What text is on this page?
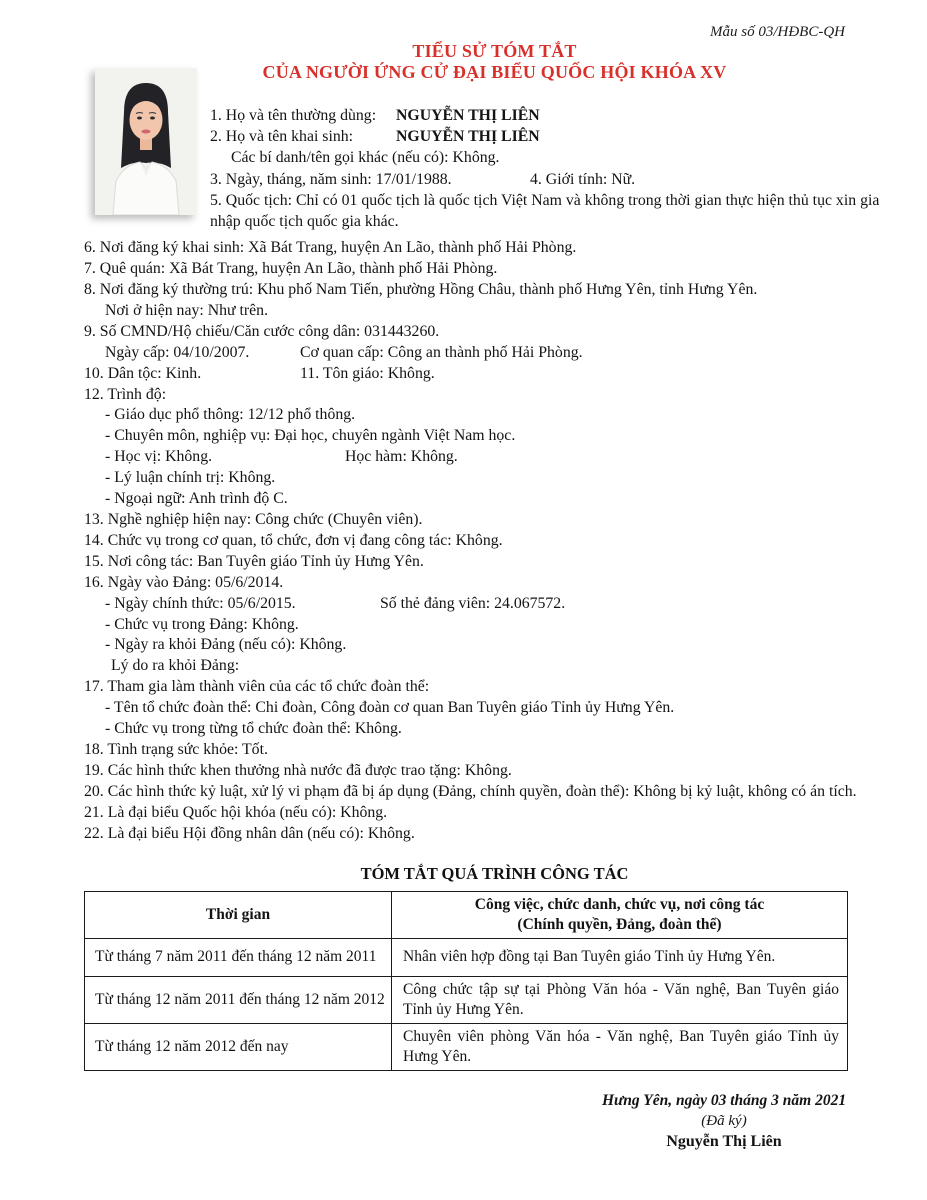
Mẫu số 03/HĐBC-QH
TIỂU SỬ TÓM TẮT
CỦA NGƯỜI ỨNG CỬ ĐẠI BIỂU QUỐC HỘI KHÓA XV
1. Họ và tên thường dùng: NGUYỄN THỊ LIÊN
2. Họ và tên khai sinh:	NGUYỄN THỊ LIÊN
Các bí danh/tên gọi khác (nếu có): Không.
3. Ngày, tháng, năm sinh: 17/01/1988.	4. Giới tính: Nữ.
5. Quốc tịch: Chỉ có 01 quốc tịch là quốc tịch Việt Nam và không trong thời gian thực hiện thủ tục xin gia nhập quốc tịch quốc gia khác.
6. Nơi đăng ký khai sinh: Xã Bát Trang, huyện An Lão, thành phố Hải Phòng.
7. Quê quán: Xã Bát Trang, huyện An Lão, thành phố Hải Phòng.
8. Nơi đăng ký thường trú: Khu phố Nam Tiến, phường Hồng Châu, thành phố Hưng Yên, tỉnh Hưng Yên.
Nơi ở hiện nay: Như trên.
9. Số CMND/Hộ chiếu/Căn cước công dân: 031443260.
Ngày cấp: 04/10/2007.	Cơ quan cấp: Công an thành phố Hải Phòng.
10. Dân tộc: Kinh.	11. Tôn giáo: Không.
12. Trình độ:
- Giáo dục phổ thông: 12/12 phổ thông.
- Chuyên môn, nghiệp vụ: Đại học, chuyên ngành Việt Nam học.
- Học vị: Không.	Học hàm: Không.
- Lý luận chính trị: Không.
- Ngoại ngữ: Anh trình độ C.
13. Nghề nghiệp hiện nay: Công chức (Chuyên viên).
14. Chức vụ trong cơ quan, tổ chức, đơn vị đang công tác: Không.
15. Nơi công tác: Ban Tuyên giáo Tỉnh ủy Hưng Yên.
16. Ngày vào Đảng: 05/6/2014.
- Ngày chính thức: 05/6/2015.	Số thẻ đảng viên: 24.067572.
- Chức vụ trong Đảng: Không.
- Ngày ra khỏi Đảng (nếu có): Không.
Lý do ra khỏi Đảng:
17. Tham gia làm thành viên của các tổ chức đoàn thể:
- Tên tổ chức đoàn thể: Chi đoàn, Công đoàn cơ quan Ban Tuyên giáo Tỉnh ủy Hưng Yên.
- Chức vụ trong từng tổ chức đoàn thể: Không.
18. Tình trạng sức khỏe: Tốt.
19. Các hình thức khen thưởng nhà nước đã được trao tặng: Không.
20. Các hình thức kỷ luật, xử lý vi phạm đã bị áp dụng (Đảng, chính quyền, đoàn thể): Không bị kỷ luật, không có án tích.
21. Là đại biểu Quốc hội khóa (nếu có): Không.
22. Là đại biểu Hội đồng nhân dân (nếu có): Không.
TÓM TẮT QUÁ TRÌNH CÔNG TÁC
Thời gian	Công việc, chức danh, chức vụ, nơi công tác
(Chính quyền, Đảng, đoàn thể)

Từ tháng 7 năm 2011 đến tháng 12 năm 2011	Nhân viên hợp đồng tại Ban Tuyên giáo Tỉnh ủy Hưng Yên.
Từ tháng 12 năm 2011 đến tháng 12 năm 2012	Công chức tập sự tại Phòng Văn hóa - Văn nghệ, Ban Tuyên giáo Tỉnh ủy Hưng Yên.
Từ tháng 12 năm 2012 đến nay	Chuyên viên phòng Văn hóa - Văn nghệ, Ban Tuyên giáo Tỉnh ủy Hưng Yên.
Hưng Yên, ngày 03 tháng 3 năm 2021
(Đã ký)
Nguyễn Thị Liên
